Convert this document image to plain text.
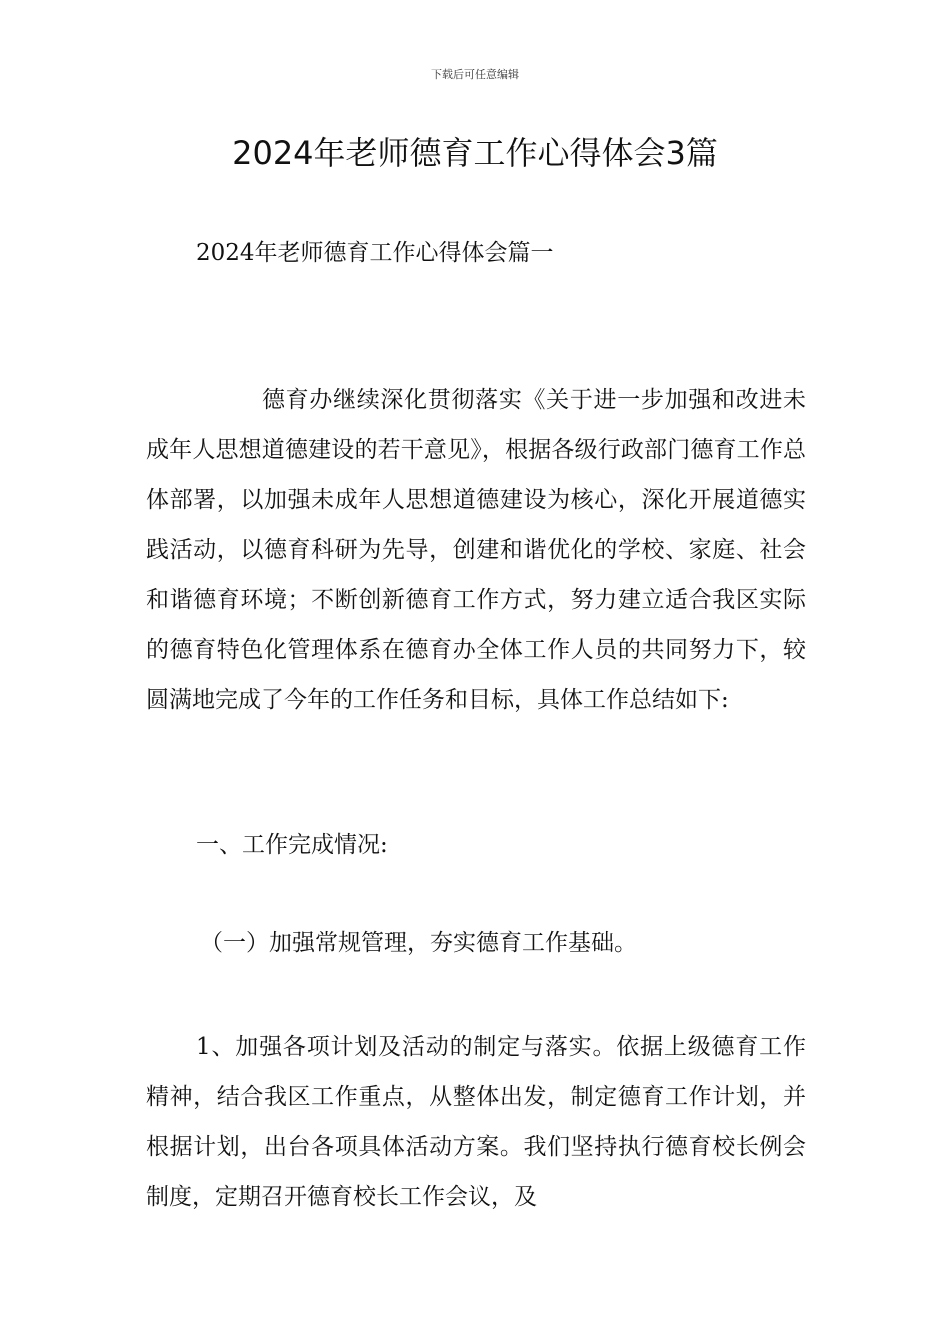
下载后可任意编辑
2024年老师德育工作心得体会3篇

2024年老师德育工作心得体会篇一

德育办继续深化贯彻落实《关于进一步加强和改进未成年人思想道德建设的若干意见》，根据各级行政部门德育工作总体部署，以加强未成年人思想道德建设为核心，深化开展道德实践活动，以德育科研为先导，创建和谐优化的学校、家庭、社会和谐德育环境；不断创新德育工作方式，努力建立适合我区实际的德育特色化管理体系在德育办全体工作人员的共同努力下，较圆满地完成了今年的工作任务和目标，具体工作总结如下:

一、工作完成情况:

（一）加强常规管理，夯实德育工作基础。

1、加强各项计划及活动的制定与落实。依据上级德育工作精神，结合我区工作重点，从整体出发，制定德育工作计划，并根据计划，出台各项具体活动方案。我们坚持执行德育校长例会制度，定期召开德育校长工作会议，及
